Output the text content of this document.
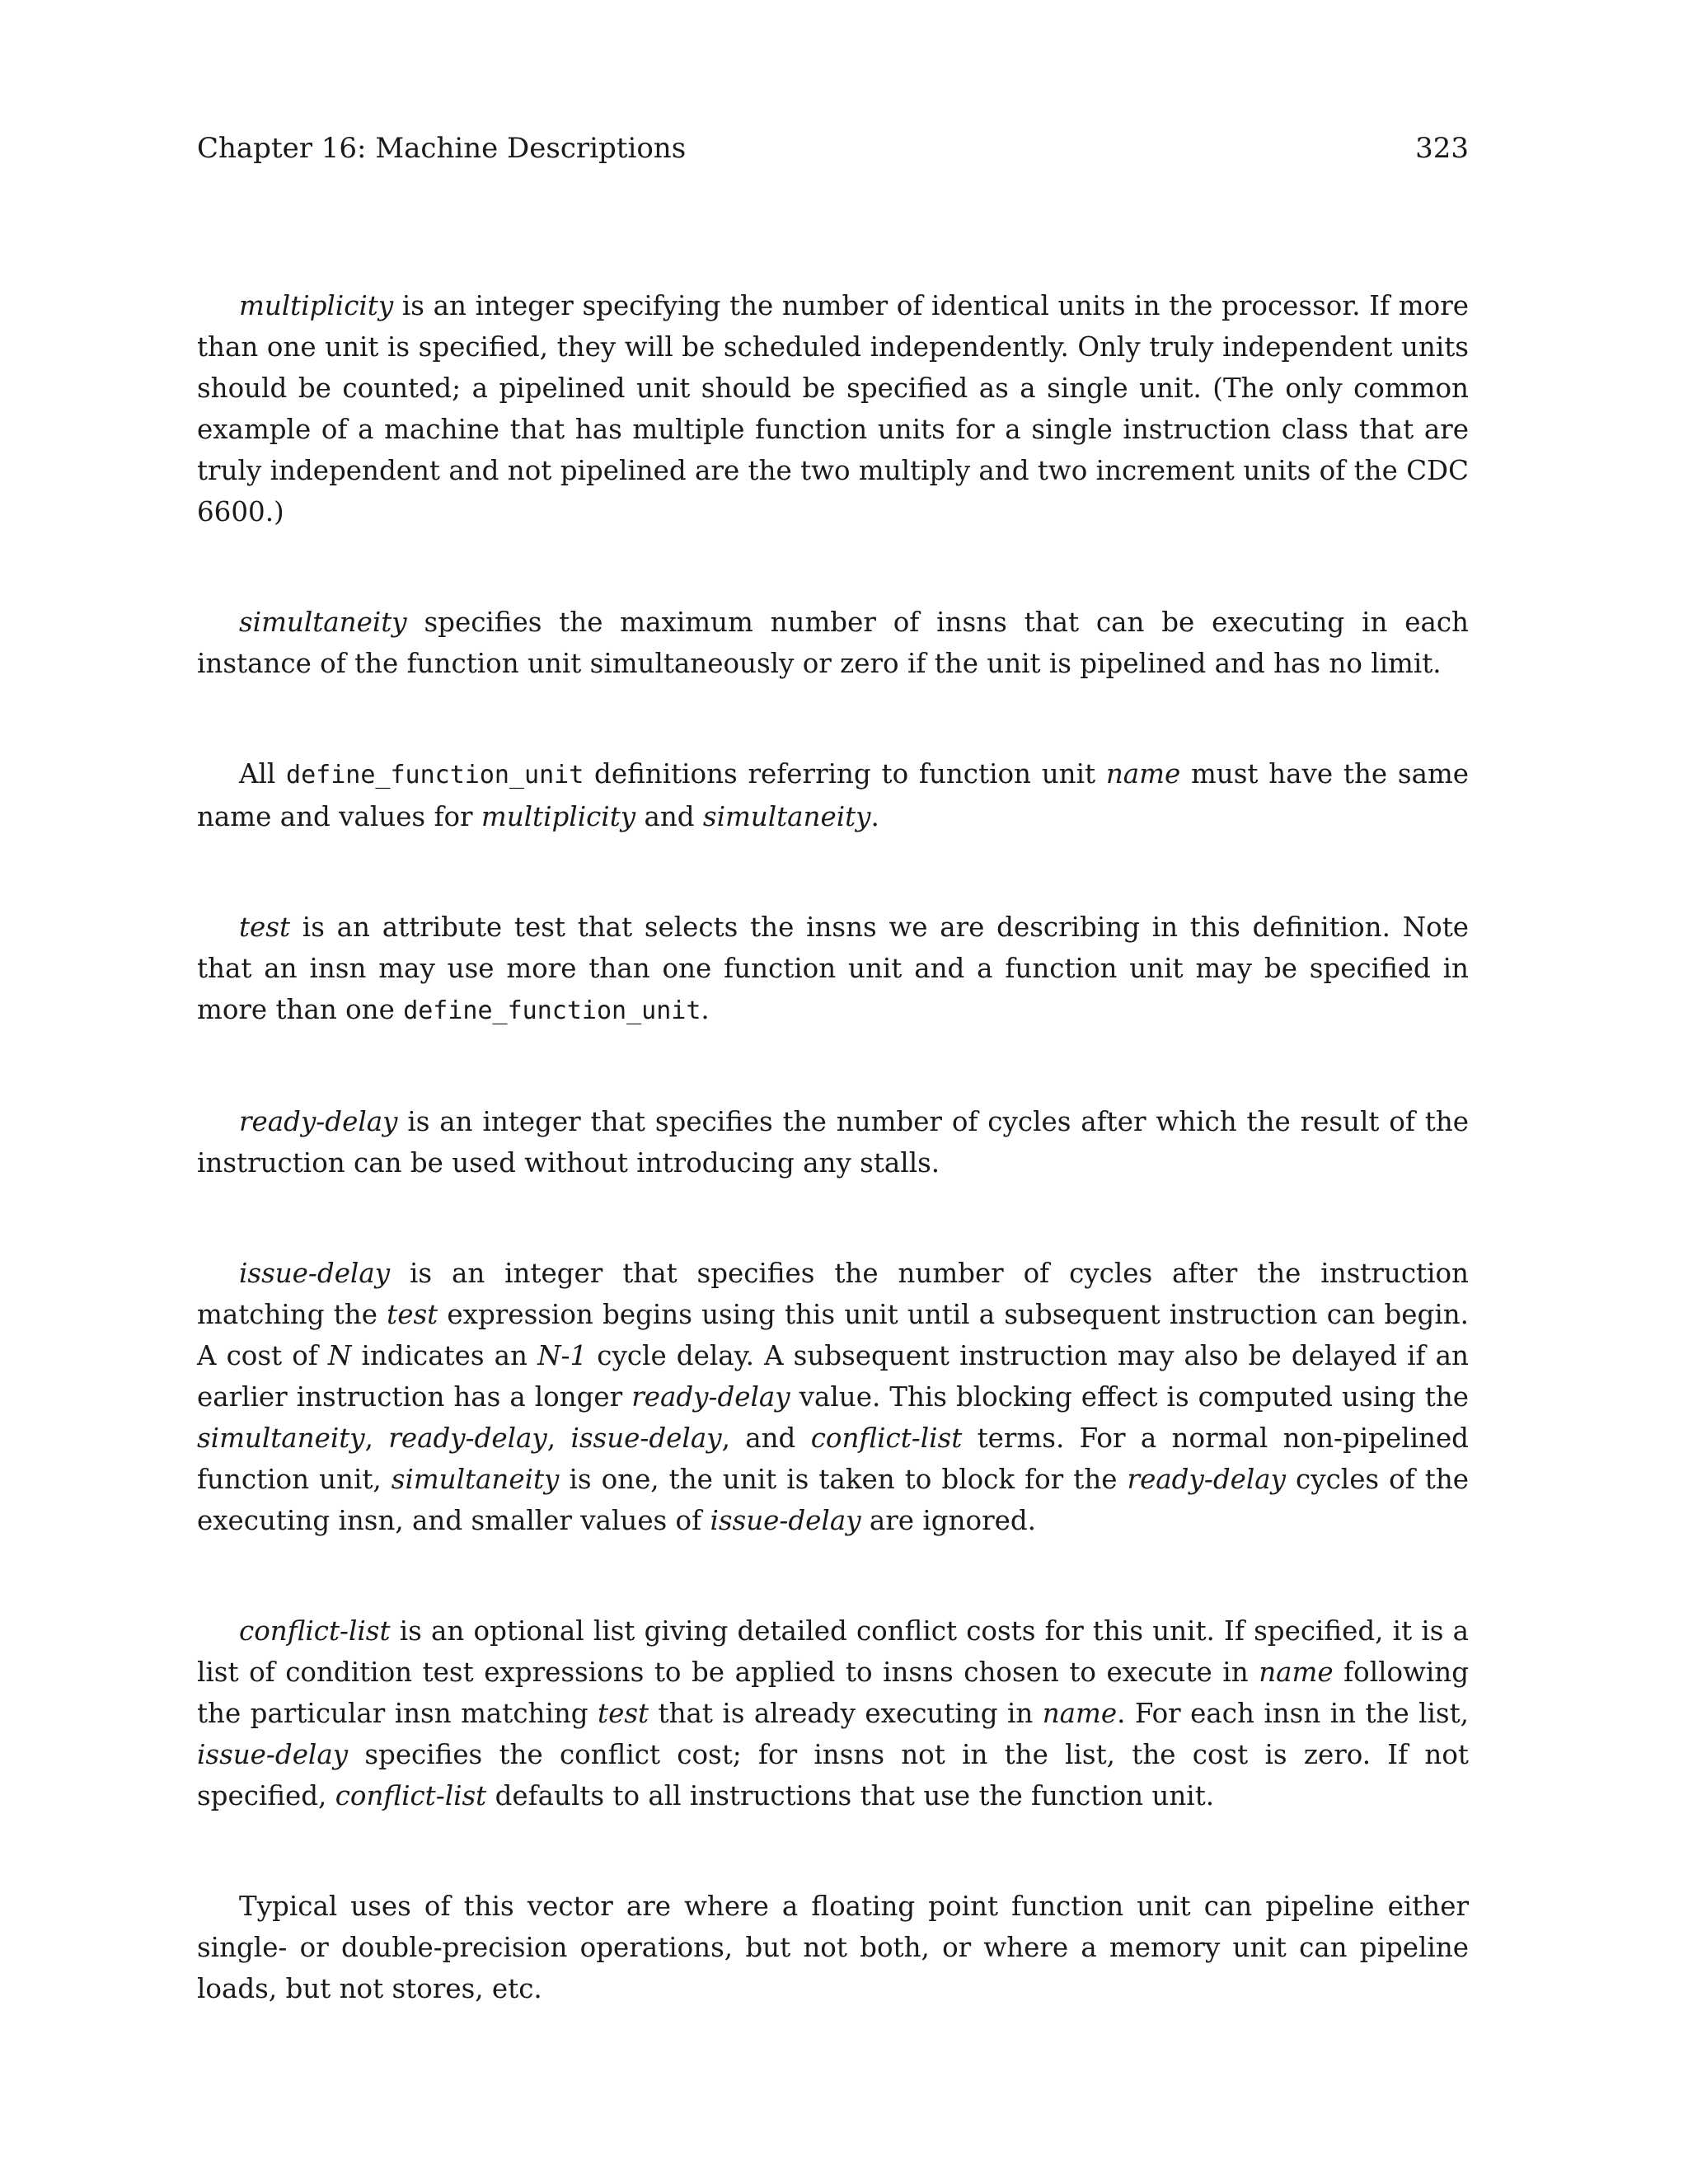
Chapter 16: Machine Descriptions	323

multiplicity is an integer specifying the number of identical units in the processor. If more than one unit is specified, they will be scheduled independently. Only truly independent units should be counted; a pipelined unit should be specified as a single unit. (The only common example of a machine that has multiple function units for a single instruction class that are truly independent and not pipelined are the two multiply and two increment units of the CDC 6600.)

simultaneity specifies the maximum number of insns that can be executing in each instance of the function unit simultaneously or zero if the unit is pipelined and has no limit.

All define_function_unit definitions referring to function unit name must have the same name and values for multiplicity and simultaneity.

test is an attribute test that selects the insns we are describing in this definition. Note that an insn may use more than one function unit and a function unit may be specified in more than one define_function_unit.

ready-delay is an integer that specifies the number of cycles after which the result of the instruction can be used without introducing any stalls.

issue-delay is an integer that specifies the number of cycles after the instruction matching the test expression begins using this unit until a subsequent instruction can begin. A cost of N indicates an N-1 cycle delay. A subsequent instruction may also be delayed if an earlier instruction has a longer ready-delay value. This blocking effect is computed using the simultaneity, ready-delay, issue-delay, and conflict-list terms. For a normal non-pipelined function unit, simultaneity is one, the unit is taken to block for the ready-delay cycles of the executing insn, and smaller values of issue-delay are ignored.

conflict-list is an optional list giving detailed conflict costs for this unit. If specified, it is a list of condition test expressions to be applied to insns chosen to execute in name following the particular insn matching test that is already executing in name. For each insn in the list, issue-delay specifies the conflict cost; for insns not in the list, the cost is zero. If not specified, conflict-list defaults to all instructions that use the function unit.

Typical uses of this vector are where a floating point function unit can pipeline either single- or double-precision operations, but not both, or where a memory unit can pipeline loads, but not stores, etc.
